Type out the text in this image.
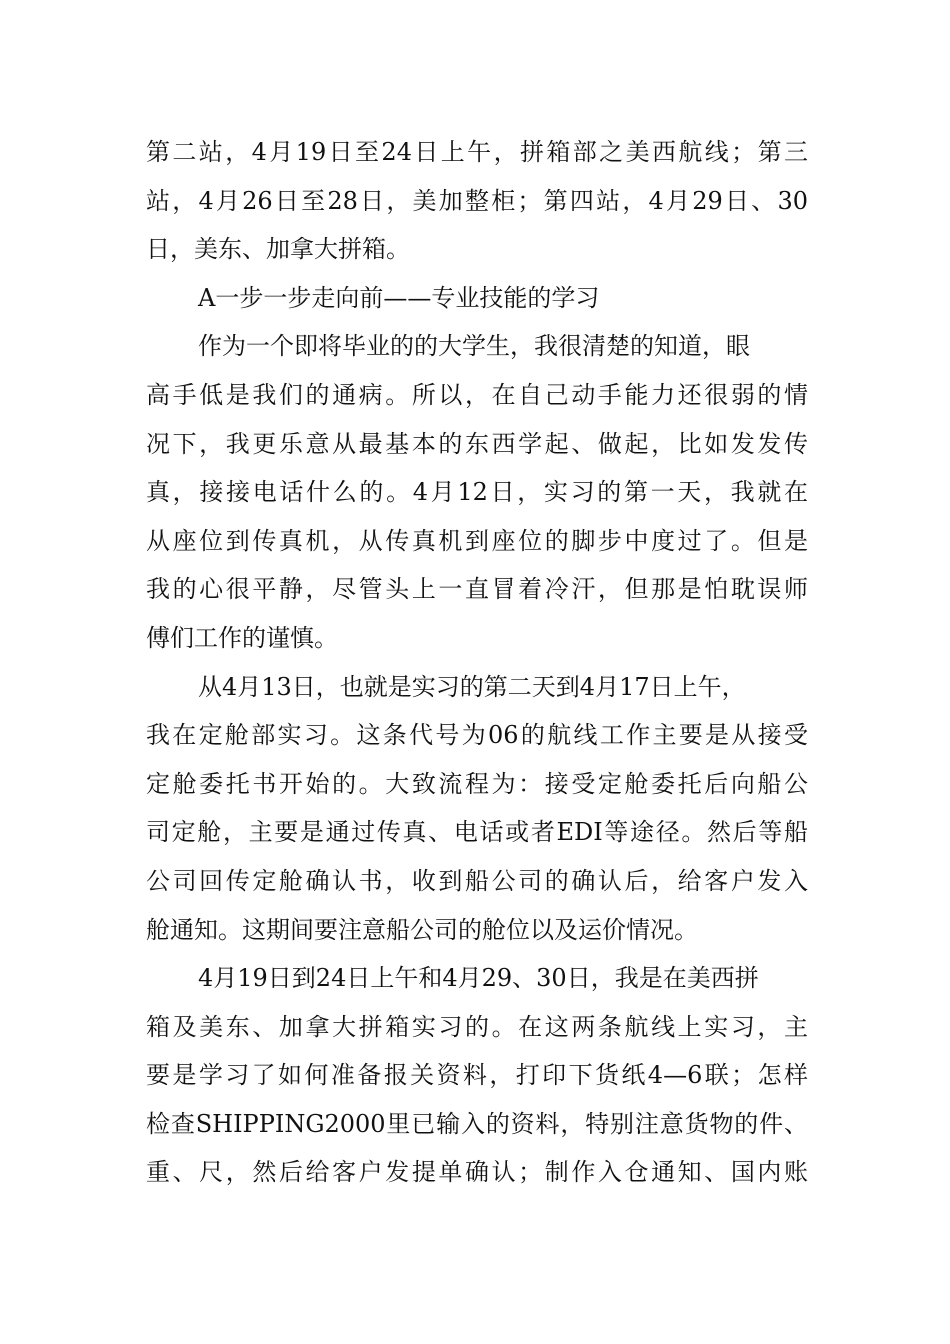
第二站，4月19日至24日上午，拼箱部之美西航线；第三
站，4月26日至28日，美加整柜；第四站，4月29日、30
日，美东、加拿大拼箱。
A一步一步走向前——专业技能的学习
作为一个即将毕业的的大学生，我很清楚的知道，眼
高手低是我们的通病。所以，在自己动手能力还很弱的情
况下，我更乐意从最基本的东西学起、做起，比如发发传
真，接接电话什么的。4月12日，实习的第一天，我就在
从座位到传真机，从传真机到座位的脚步中度过了。但是
我的心很平静，尽管头上一直冒着冷汗，但那是怕耽误师
傅们工作的谨慎。
从4月13日，也就是实习的第二天到4月17日上午，
我在定舱部实习。这条代号为06的航线工作主要是从接受
定舱委托书开始的。大致流程为：接受定舱委托后向船公
司定舱，主要是通过传真、电话或者EDI等途径。然后等船
公司回传定舱确认书，收到船公司的确认后，给客户发入
舱通知。这期间要注意船公司的舱位以及运价情况。
4月19日到24日上午和4月29、30日，我是在美西拼
箱及美东、加拿大拼箱实习的。在这两条航线上实习，主
要是学习了如何准备报关资料，打印下货纸4—6联；怎样
检查SHIPPING2000里已输入的资料，特别注意货物的件、
重、尺，然后给客户发提单确认；制作入仓通知、国内账
